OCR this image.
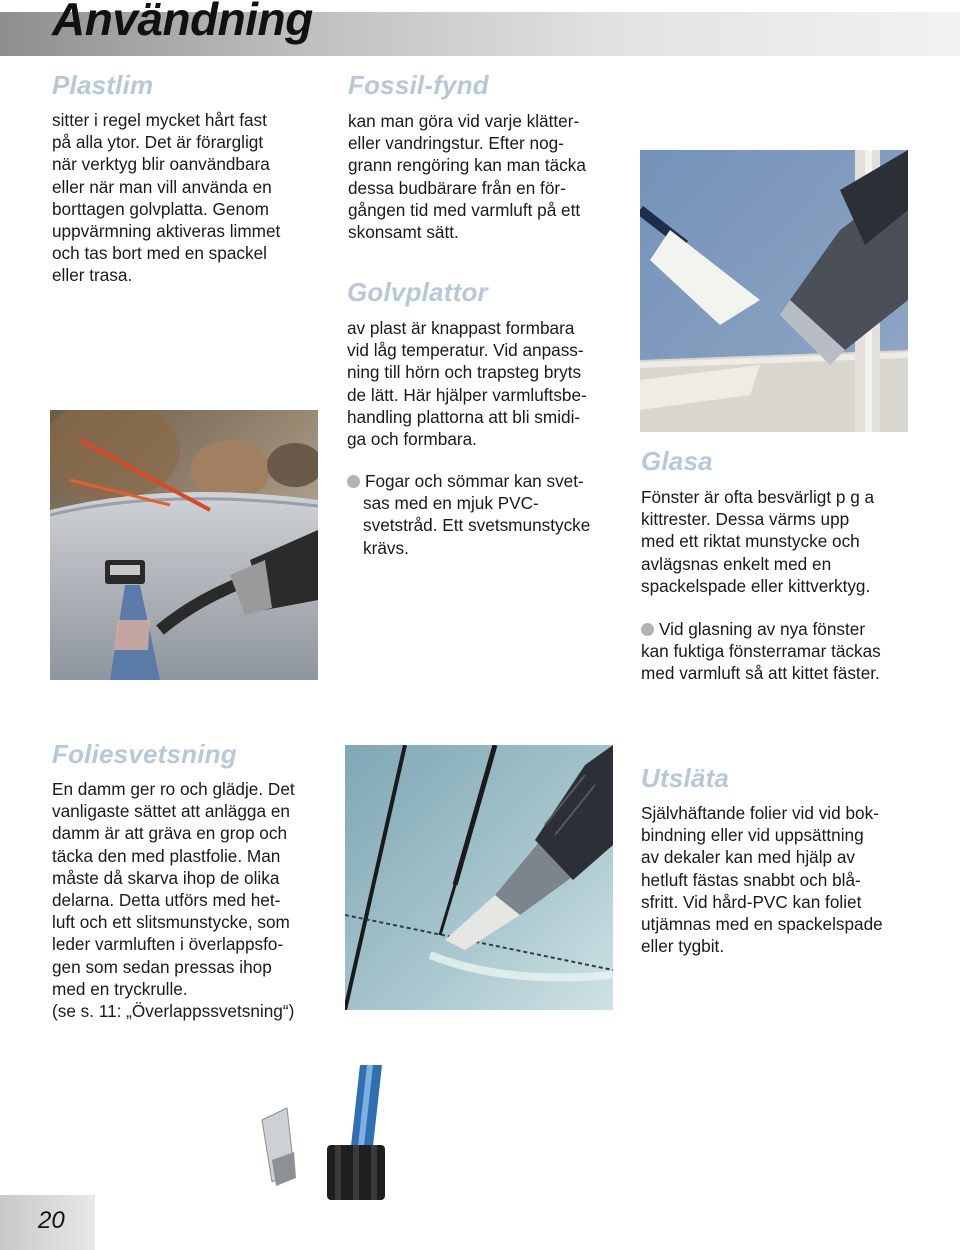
Användning
Plastlim
sitter i regel mycket hårt fast
på alla ytor. Det är förargligt
när verktyg blir oanvändbara
eller när man vill använda en
borttagen golvplatta. Genom
uppvärmning aktiveras limmet
och tas bort med en spackel
eller trasa.
Fossil-fynd
kan man göra vid varje klätter-
eller vandringstur. Efter nog-
grann rengöring kan man täcka
dessa budbärare från en för-
gången tid med varmluft på ett
skonsamt sätt.
Golvplattor
av plast är knappast formbara
vid låg temperatur. Vid anpass-
ning till hörn och trapsteg bryts
de lätt. Här hjälper varmluftsbe-
handling plattorna att bli smidi-
ga och formbara.
Fogar och sömmar kan svet-
sas med en mjuk PVC-
svetstråd. Ett svetsmunstycke
krävs.
Glasa
Fönster är ofta besvärligt p g a
kittrester. Dessa värms upp
med ett riktat munstycke och
avlägsnas enkelt med en
spackelspade eller kittverktyg.
Vid glasning av nya fönster
kan fuktiga fönsterramar täckas
med varmluft så att kittet fäster.
Foliesvetsning
En damm ger ro och glädje. Det
vanligaste sättet att anlägga en
damm är att gräva en grop och
täcka den med plastfolie. Man
måste då skarva ihop de olika
delarna. Detta utförs med het-
luft och ett slitsmunstycke, som
leder varmluften i överlappsfo-
gen som sedan pressas ihop
med en tryckrulle.
(se s. 11: „Överlappssvetsning“)
Utsläta
Självhäftande folier vid vid bok-
bindning eller vid uppsättning
av dekaler kan med hjälp av
hetluft fästas snabbt och blå-
sfritt. Vid hård-PVC kan foliet
utjämnas med en spackelspade
eller tygbit.
20
